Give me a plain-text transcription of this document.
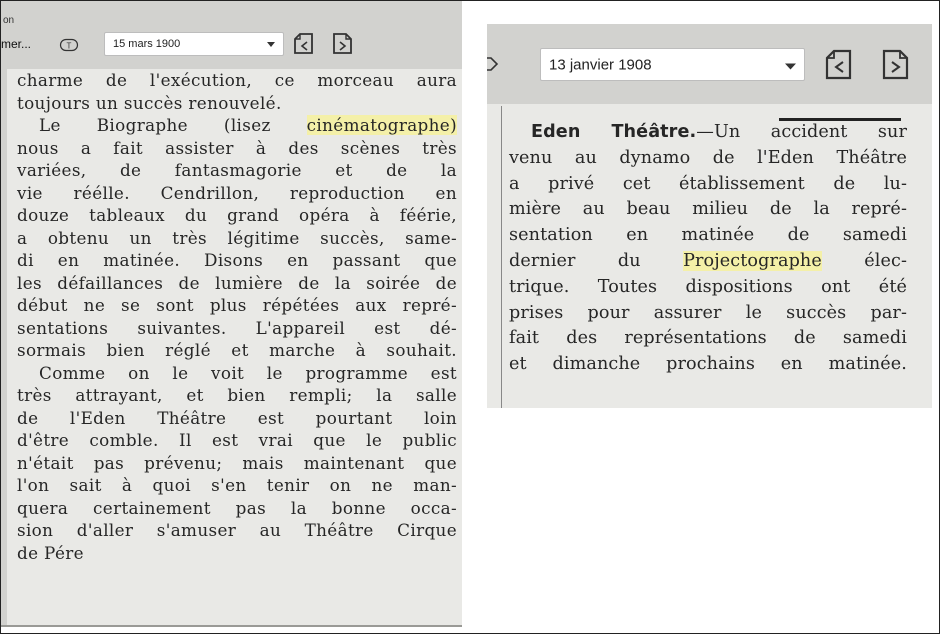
on
mer...	T	15 mars 1900
charme de l'exécution, ce morceau aura
toujours un succès renouvelé.
Le Biographe (lisez cinématographe)
nous a fait assister à des scènes très
variées, de fantasmagorie et de la
vie réélle. Cendrillon, reproduction en
douze tableaux du grand opéra à féérie,
a obtenu un très légitime succès, same-
di en matinée. Disons en passant que
les défaillances de lumière de la soirée de
début ne se sont plus répétées aux repré-
sentations suivantes. L'appareil est dé-
sormais bien réglé et marche à souhait.
Comme on le voit le programme est
très attrayant, et bien rempli; la salle
de l'Eden Théâtre est pourtant loin
d'être comble. Il est vrai que le public
n'était pas prévenu; mais maintenant que
l'on sait à quoi s'en tenir on ne man-
quera certainement pas la bonne occa-
sion d'aller s'amuser au Théâtre Cirque
de Pére
13 janvier 1908
Eden Théâtre.—Un accident sur
venu au dynamo de l'Eden Théâtre
a privé cet établissement de lu-
mière au beau milieu de la repré-
sentation en matinée de samedi
dernier du Projectographe élec-
trique. Toutes dispositions ont été
prises pour assurer le succès par-
fait des représentations de samedi
et dimanche prochains en matinée.
